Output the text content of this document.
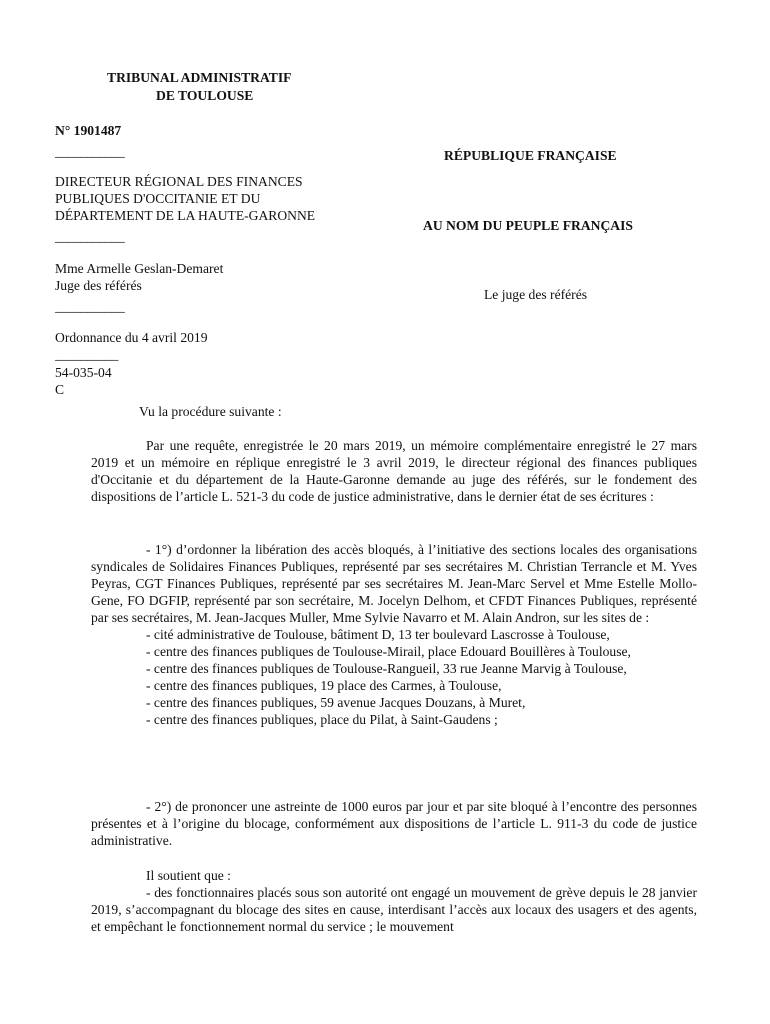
TRIBUNAL ADMINISTRATIF
DE TOULOUSE
N° 1901487
___________
DIRECTEUR RÉGIONAL DES FINANCES
PUBLIQUES D'OCCITANIE ET DU
DÉPARTEMENT DE LA HAUTE-GARONNE
___________
Mme Armelle Geslan-Demaret
Juge des référés
___________
Ordonnance du 4 avril 2019
__________
54-035-04
C
RÉPUBLIQUE FRANÇAISE
AU NOM DU PEUPLE FRANÇAIS
Le juge des référés
Vu la procédure suivante :

Par une requête, enregistrée le 20 mars 2019, un mémoire complémentaire enregistré le 27 mars 2019 et un mémoire en réplique enregistré le 3 avril 2019, le directeur régional des finances publiques d'Occitanie et du département de la Haute-Garonne demande au juge des référés, sur le fondement des dispositions de l’article L. 521-3 du code de justice administrative, dans le dernier état de ses écritures :

- 1°) d’ordonner la libération des accès bloqués, à l’initiative des sections locales des organisations syndicales de Solidaires Finances Publiques, représenté par ses secrétaires M. Christian Terrancle et M. Yves Peyras, CGT Finances Publiques, représenté par ses secrétaires M. Jean-Marc Servel et Mme Estelle Mollo-Gene, FO DGFIP, représenté par son secrétaire, M. Jocelyn Delhom, et CFDT Finances Publiques, représenté par ses secrétaires, M. Jean-Jacques Muller, Mme Sylvie Navarro et M. Alain Andron, sur les sites de :

- cité administrative de Toulouse, bâtiment D, 13 ter boulevard Lascrosse à Toulouse,

- centre des finances publiques de Toulouse-Mirail, place Edouard Bouillères à Toulouse,

- centre des finances publiques de Toulouse-Rangueil, 33 rue Jeanne Marvig à Toulouse,

- centre des finances publiques, 19 place des Carmes, à Toulouse,

- centre des finances publiques, 59 avenue Jacques Douzans, à Muret,

- centre des finances publiques, place du Pilat, à Saint-Gaudens ;

- 2°) de prononcer une astreinte de 1000 euros par jour et par site bloqué à l’encontre des personnes présentes et à l’origine du blocage, conformément aux dispositions de l’article L. 911-3 du code de justice administrative.

Il soutient que :

- des fonctionnaires placés sous son autorité ont engagé un mouvement de grève depuis le 28 janvier 2019, s’accompagnant du blocage des sites en cause, interdisant l’accès aux locaux des usagers et des agents, et empêchant le fonctionnement normal du service ; le mouvement
